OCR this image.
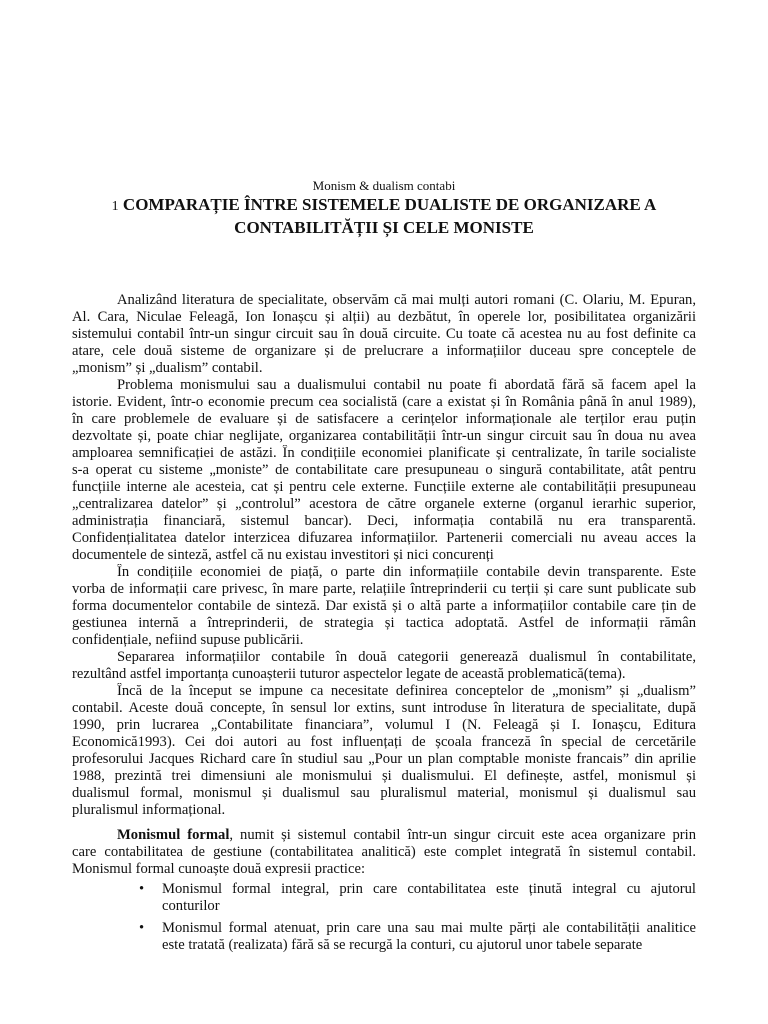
Monism & dualism contabi
1 COMPARAȚIE ÎNTRE SISTEMELE DUALISTE DE ORGANIZARE A
CONTABILITĂȚII ȘI CELE MONISTE
Analizând literatura de specialitate, observăm că mai mulți autori romani (C. Olariu, M. Epuran,
Al. Cara, Niculae Feleagă, Ion Ionașcu și alții) au dezbătut, în operele lor, posibilitatea organizării
sistemului contabil într-un singur circuit sau în două circuite. Cu toate că acestea nu au fost definite ca
atare, cele două sisteme de organizare și de prelucrare a informațiilor duceau spre conceptele de
„monism” și „dualism” contabil.
Problema monismului sau a dualismului contabil nu poate fi abordată fără să facem apel la
istorie. Evident, într-o economie precum cea socialistă (care a existat și în România până în anul 1989),
în care problemele de evaluare și de satisfacere a cerințelor informaționale ale terților erau puțin
dezvoltate și, poate chiar neglijate, organizarea contabilității într-un singur circuit sau în doua nu avea
amploarea semnificației de astăzi. În condițiile economiei planificate și centralizate, în tarile socialiste
s-a operat cu sisteme „moniste” de contabilitate care presupuneau o singură contabilitate, atât pentru
funcțiile interne ale acesteia, cat și pentru cele externe. Funcțiile externe ale contabilității presupuneau
„centralizarea datelor” și „controlul” acestora de către organele externe (organul ierarhic superior,
administrația financiară, sistemul bancar). Deci, informația contabilă nu era transparentă.
Confidențialitatea datelor interzicea difuzarea informațiilor. Partenerii comerciali nu aveau acces la
documentele de sinteză, astfel că nu existau investitori și nici concurenți
În condițiile economiei de piață, o parte din informațiile contabile devin transparente. Este
vorba de informații care privesc, în mare parte, relațiile întreprinderii cu terții și care sunt publicate sub
forma documentelor contabile de sinteză. Dar există și o altă parte a informațiilor contabile care țin de
gestiunea internă a întreprinderii, de strategia și tactica adoptată. Astfel de informații rămân
confidențiale, nefiind supuse publicării.
Separarea informațiilor contabile în două categorii generează dualismul în contabilitate,
rezultând astfel importanța cunoașterii tuturor aspectelor legate de această problematică(tema).
Încă de la început se impune ca necesitate definirea conceptelor de „monism” și „dualism”
contabil. Aceste două concepte, în sensul lor extins, sunt introduse în literatura de specialitate, după
1990, prin lucrarea „Contabilitate financiara”, volumul I (N. Feleagă și I. Ionașcu, Editura
Economică1993). Cei doi autori au fost influențați de școala franceză în special de cercetările
profesorului Jacques Richard care în studiul sau „Pour un plan comptable moniste francais” din aprilie
1988, prezintă trei dimensiuni ale monismului și dualismului. El definește, astfel, monismul și
dualismul formal, monismul și dualismul sau pluralismul material, monismul și dualismul sau
pluralismul informațional.
Monismul formal, numit și sistemul contabil într-un singur circuit este acea organizare prin
care contabilitatea de gestiune (contabilitatea analitică) este complet integrată în sistemul contabil.
Monismul formal cunoaște două expresii practice:
• Monismul formal integral, prin care contabilitatea este ținută integral cu ajutorul
conturilor
• Monismul formal atenuat, prin care una sau mai multe părți ale contabilității analitice
este tratată (realizata) fără să se recurgă la conturi, cu ajutorul unor tabele separate
